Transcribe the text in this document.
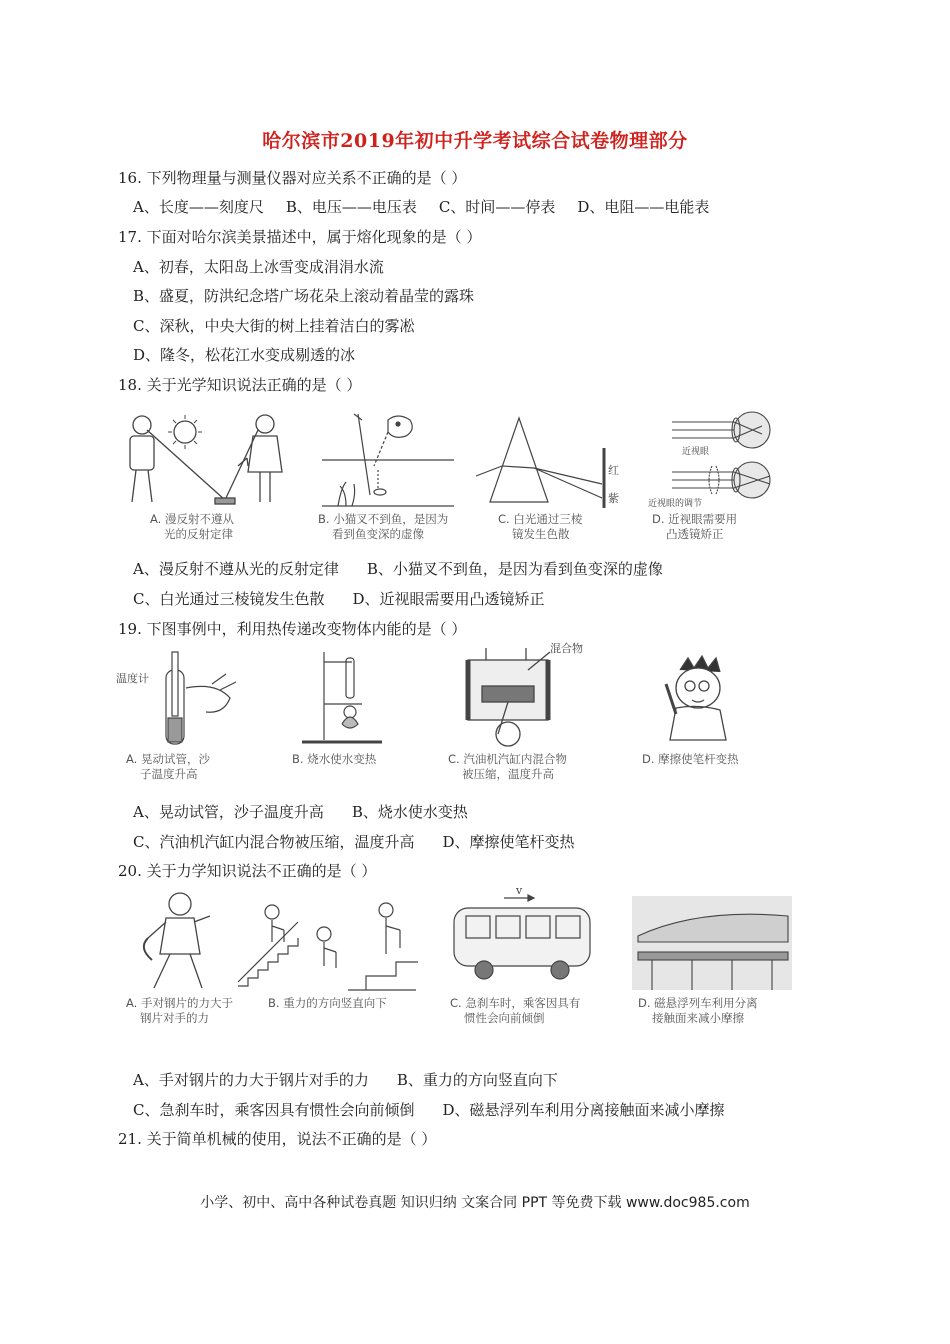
哈尔滨市2019年初中升学考试综合试卷物理部分
16. 下列物理量与测量仪器对应关系不正确的是（ ）
A、长度——刻度尺 B、电压——电压表 C、时间——停表 D、电阻——电能表
17. 下面对哈尔滨美景描述中，属于熔化现象的是（ ）
A、初春，太阳岛上冰雪变成涓涓水流
B、盛夏，防洪纪念塔广场花朵上滚动着晶莹的露珠
C、深秋，中央大街的树上挂着洁白的雾凇
D、隆冬，松花江水变成剔透的冰
18. 关于光学知识说法正确的是（ ）
A. 漫反射不遵从
光的反射定律
B. 小猫叉不到鱼，是因为
看到鱼变深的虚像
红
紫
C. 白光通过三棱
镜发生色散
近视眼
近视眼的调节
D. 近视眼需要用
凸透镜矫正
A、漫反射不遵从光的反射定律 B、小猫叉不到鱼，是因为看到鱼变深的虚像
C、白光通过三棱镜发生色散 D、近视眼需要用凸透镜矫正
19. 下图事例中，利用热传递改变物体内能的是（ ）
温度计
A. 晃动试管，沙
子温度升高
B. 烧水使水变热
混合物
C. 汽油机汽缸内混合物
被压缩，温度升高
D. 摩擦使笔杆变热
A、晃动试管，沙子温度升高 B、烧水使水变热
C、汽油机汽缸内混合物被压缩，温度升高 D、摩擦使笔杆变热
20. 关于力学知识说法不正确的是（ ）
A. 手对钢片的力大于
钢片对手的力
B. 重力的方向竖直向下
v
C. 急刹车时，乘客因具有
惯性会向前倾倒
D. 磁悬浮列车利用分离
接触面来减小摩擦
A、手对钢片的力大于钢片对手的力 B、重力的方向竖直向下
C、急刹车时，乘客因具有惯性会向前倾倒 D、磁悬浮列车利用分离接触面来减小摩擦
21. 关于简单机械的使用，说法不正确的是（ ）
小学、初中、高中各种试卷真题 知识归纳 文案合同 PPT 等免费下载 www.doc985.com
